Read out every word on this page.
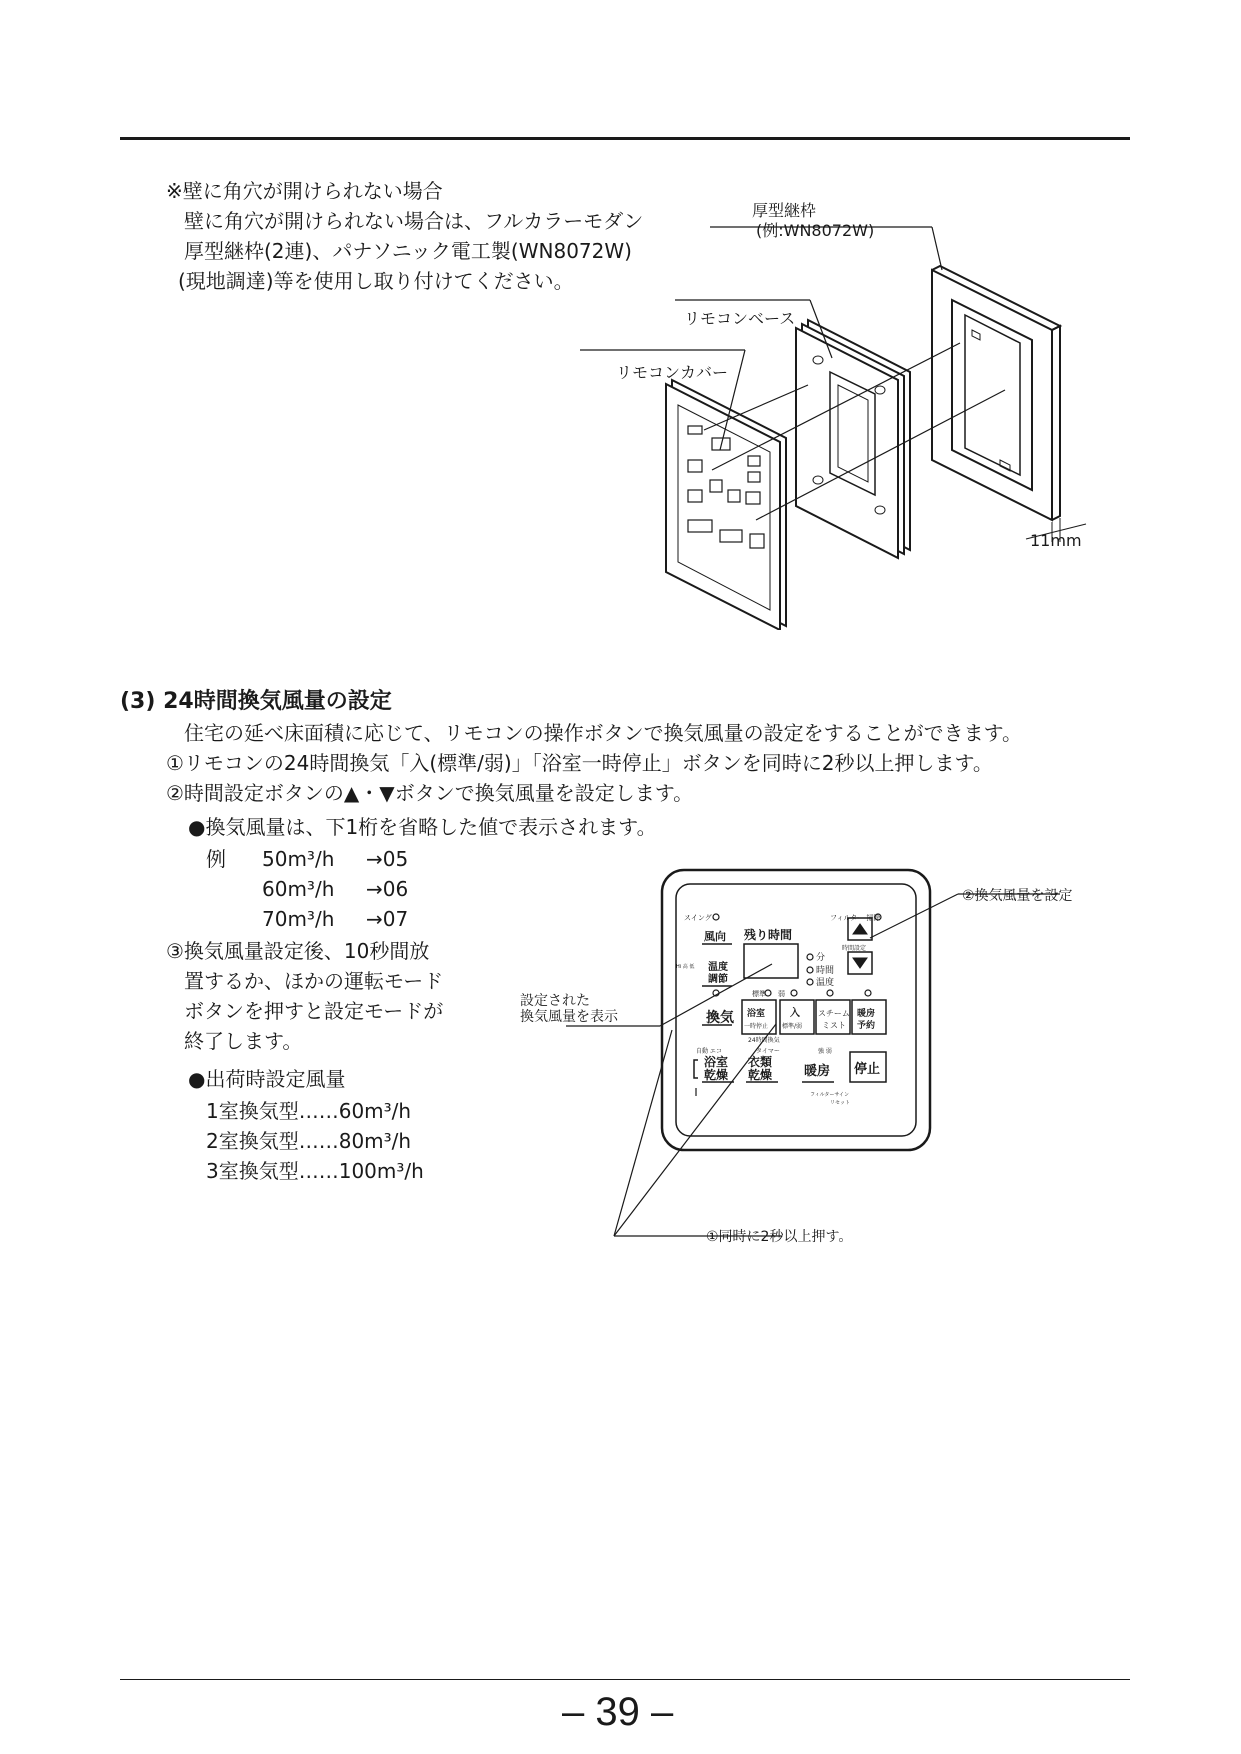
※壁に角穴が開けられない場合
壁に角穴が開けられない場合は、フルカラーモダン
厚型継枠(2連)、パナソニック電工製(WN8072W)
(現地調達)等を使用し取り付けてください。
厚型継枠
(例:WN8072W)
リモコンベース
リモコンカバー
11mm
(3) 24時間換気風量の設定
住宅の延べ床面積に応じて、リモコンの操作ボタンで換気風量の設定をすることができます。
①リモコンの24時間換気「入(標準/弱)」「浴室一時停止」ボタンを同時に2秒以上押します。
②時間設定ボタンの▲・▼ボタンで換気風量を設定します。
●換気風量は、下1桁を省略した値で表示されます。
例 50m³/h →05
60m³/h →06
70m³/h →07
③換気風量設定後、10秒間放
置するか、ほかの運転モード
ボタンを押すと設定モードが
終了します。
●出荷時設定風量
1室換気型……60m³/h
2室換気型……80m³/h
3室換気型……100m³/h
スイング	フィルター 掃除
風向 残り時間
分
時間
温度
時間設定
温度
調節
Hi 高 低
標準 弱
換気 浴室
一時停止
入
標準/弱
スチーム
ミスト
暖房
予約
24時間換気
自動 エコ	タイマー	強 弱
浴室
乾燥
衣類
乾燥 暖房 停止
フィルターサイン
リセット
②換気風量を設定
設定された
換気風量を表示
①同時に2秒以上押す。
– 39 –
